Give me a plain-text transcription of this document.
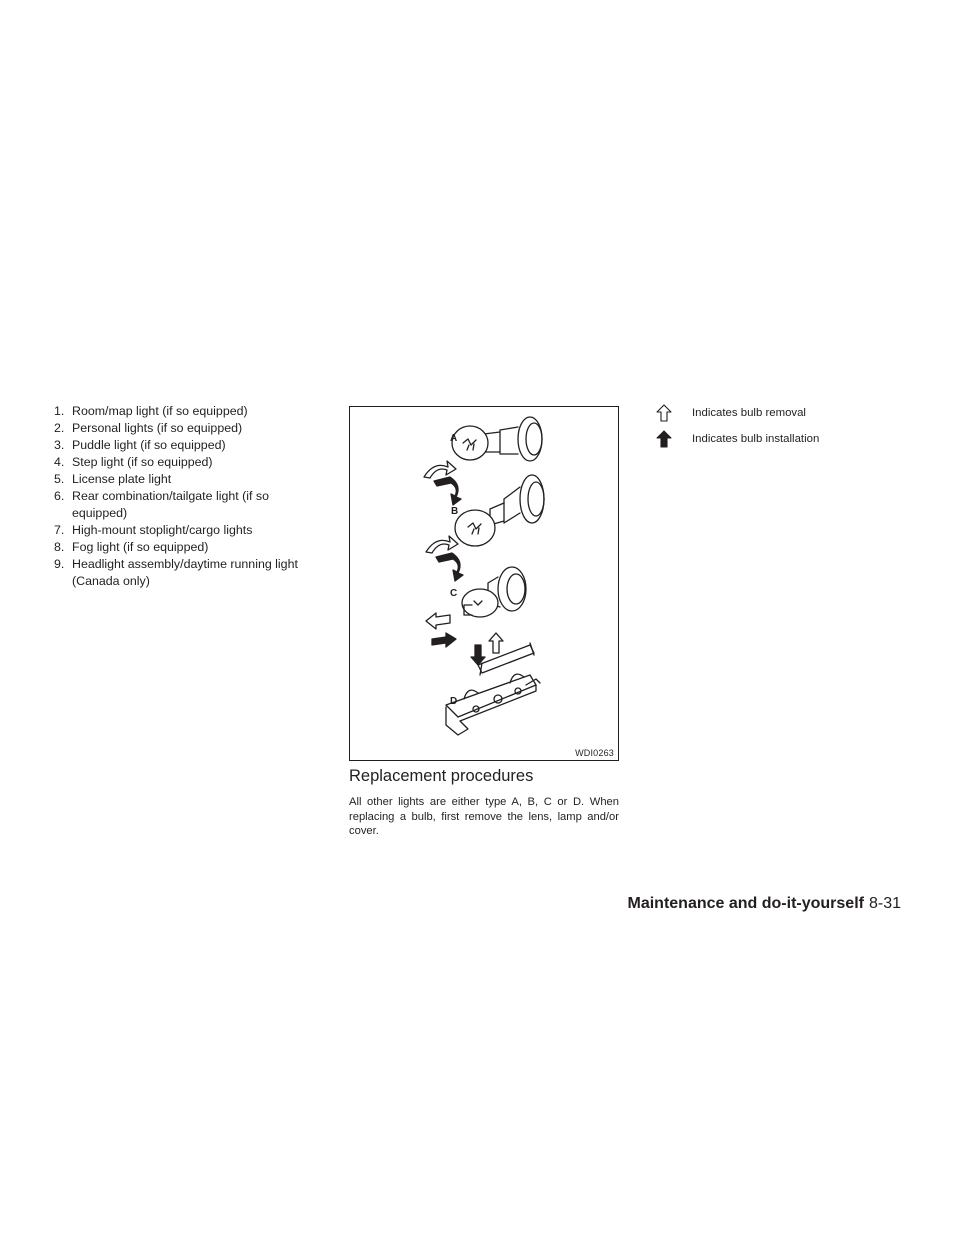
1. Room/map light (if so equipped)
2. Personal lights (if so equipped)
3. Puddle light (if so equipped)
4. Step light (if so equipped)
5. License plate light
6. Rear combination/tailgate light (if so equipped)
7. High-mount stoplight/cargo lights
8. Fog light (if so equipped)
9. Headlight assembly/daytime running light (Canada only)
A
B
C
D
WDI0263
Replacement procedures

All other lights are either type A, B, C or D. When replacing a bulb, first remove the lens, lamp and/or cover.

Indicates bulb removal
Indicates bulb installation
Maintenance and do-it-yourself 8-31
